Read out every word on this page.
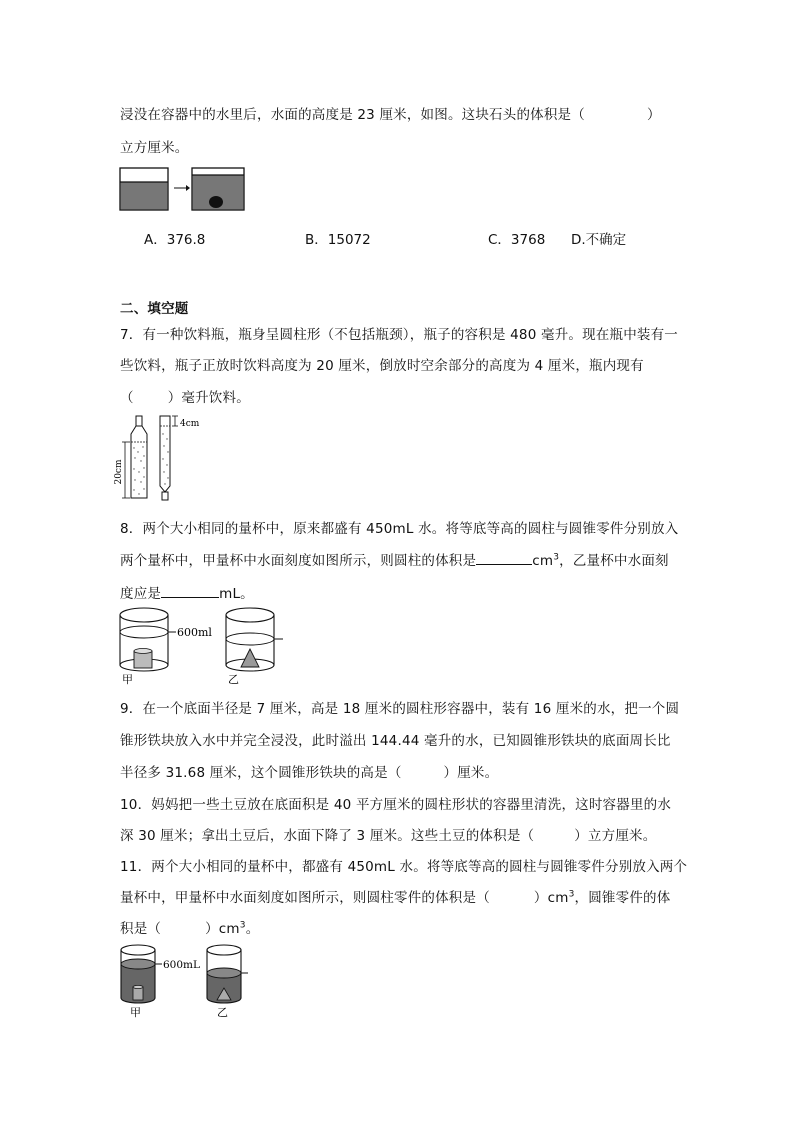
浸没在容器中的水里后，水面的高度是 23 厘米，如图。这块石头的体积是（	）
立方厘米。
A．376.8	B．15072	C．3768 D.不确定
二、填空题
7．有一种饮料瓶，瓶身呈圆柱形（不包括瓶颈），瓶子的容积是 480 毫升。现在瓶中装有一
些饮料，瓶子正放时饮料高度为 20 厘米，倒放时空余部分的高度为 4 厘米，瓶内现有
（	）毫升饮料。
20cm
4cm
8．两个大小相同的量杯中，原来都盛有 450mL 水。将等底等高的圆柱与圆锥零件分别放入
两个量杯中，甲量杯中水面刻度如图所示，则圆柱的体积是	$cm^3$，乙量杯中水面刻
度应是	mL。
600ml
甲	乙
9．在一个底面半径是 7 厘米，高是 18 厘米的圆柱形容器中，装有 16 厘米的水，把一个圆
锥形铁块放入水中并完全浸没，此时溢出 144.44 毫升的水，已知圆锥形铁块的底面周长比
半径多 31.68 厘米，这个圆锥形铁块的高是（	）厘米。
10．妈妈把一些土豆放在底面积是 40 平方厘米的圆柱形状的容器里清洗，这时容器里的水
深 30 厘米；拿出土豆后，水面下降了 3 厘米。这些土豆的体积是（	）立方厘米。
11．两个大小相同的量杯中，都盛有 450mL 水。将等底等高的圆柱与圆锥零件分别放入两个
量杯中，甲量杯中水面刻度如图所示，则圆柱零件的体积是（	）$cm^3$，圆锥零件的体
积是（	）$cm^3$。
600mL
甲	乙
